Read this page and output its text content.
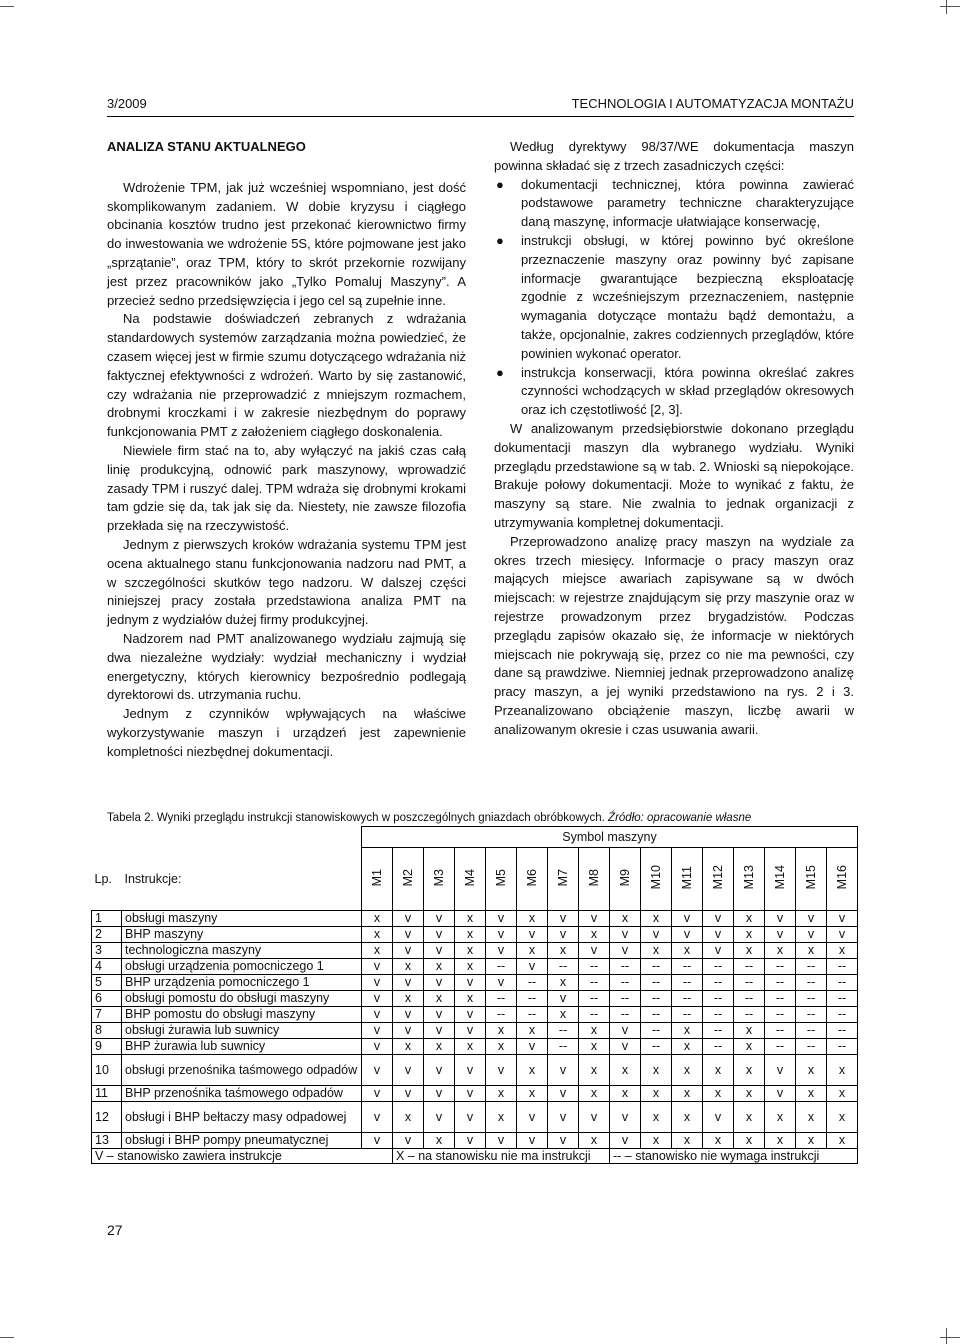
3/2009	TECHNOLOGIA I AUTOMATYZACJA MONTAŻU
ANALIZA STANU AKTUALNEGO

Wdrożenie TPM, jak już wcześniej wspomniano, jest dość skomplikowanym zadaniem. W dobie kryzysu i ciągłego obcinania kosztów trudno jest przekonać kierownictwo firmy do inwestowania we wdrożenie 5S, które pojmowane jest jako „sprzątanie”, oraz TPM, który to skrót przekornie rozwijany jest przez pracowników jako „Tylko Pomaluj Maszyny”. A przecież sedno przedsięwzięcia i jego cel są zupełnie inne.

Na podstawie doświadczeń zebranych z wdrażania standardowych systemów zarządzania można powiedzieć, że czasem więcej jest w firmie szumu dotyczącego wdrażania niż faktycznej efektywności z wdrożeń. Warto by się zastanowić, czy wdrażania nie przeprowadzić z mniejszym rozmachem, drobnymi kroczkami i w zakresie niezbędnym do poprawy funkcjonowania PMT z założeniem ciągłego doskonalenia.

Niewiele firm stać na to, aby wyłączyć na jakiś czas całą linię produkcyjną, odnowić park maszynowy, wprowadzić zasady TPM i ruszyć dalej. TPM wdraża się drobnymi krokami tam gdzie się da, tak jak się da. Niestety, nie zawsze filozofia przekłada się na rzeczywistość.

Jednym z pierwszych kroków wdrażania systemu TPM jest ocena aktualnego stanu funkcjonowania nadzoru nad PMT, a w szczególności skutków tego nadzoru. W dalszej części niniejszej pracy została przedstawiona analiza PMT na jednym z wydziałów dużej firmy produkcyjnej.

Nadzorem nad PMT analizowanego wydziału zajmują się dwa niezależne wydziały: wydział mechaniczny i wydział energetyczny, których kierownicy bezpośrednio podlegają dyrektorowi ds. utrzymania ruchu.

Jednym z czynników wpływających na właściwe wykorzystywanie maszyn i urządzeń jest zapewnienie kompletności niezbędnej dokumentacji.

Według dyrektywy 98/37/WE dokumentacja maszyn powinna składać się z trzech zasadniczych części:

● dokumentacji technicznej, która powinna zawierać podstawowe parametry techniczne charakteryzujące daną maszynę, informacje ułatwiające konserwację,
● instrukcji obsługi, w której powinno być określone przeznaczenie maszyny oraz powinny być zapisane informacje gwarantujące bezpieczną eksploatację zgodnie z wcześniejszym przeznaczeniem, następnie wymagania dotyczące montażu bądź demontażu, a także, opcjonalnie, zakres codziennych przeglądów, które powinien wykonać operator.
● instrukcja konserwacji, która powinna określać zakres czynności wchodzących w skład przeglądów okresowych oraz ich częstotliwość [2, 3].

W analizowanym przedsiębiorstwie dokonano przeglądu dokumentacji maszyn dla wybranego wydziału. Wyniki przeglądu przedstawione są w tab. 2. Wnioski są niepokojące. Brakuje połowy dokumentacji. Może to wynikać z faktu, że maszyny są stare. Nie zwalnia to jednak organizacji z utrzymywania kompletnej dokumentacji.

Przeprowadzono analizę pracy maszyn na wydziale za okres trzech miesięcy. Informacje o pracy maszyn oraz mających miejsce awariach zapisywane są w dwóch miejscach: w rejestrze znajdującym się przy maszynie oraz w rejestrze prowadzonym przez brygadzistów. Podczas przeglądu zapisów okazało się, że informacje w niektórych miejscach nie pokrywają się, przez co nie ma pewności, czy dane są prawdziwe. Niemniej jednak przeprowadzono analizę pracy maszyn, a jej wyniki przedstawiono na rys. 2 i 3. Przeanalizowano obciążenie maszyn, liczbę awarii w analizowanym okresie i czas usuwania awarii.

Tabela 2. Wyniki przeglądu instrukcji stanowiskowych w poszczególnych gniazdach obróbkowych. Źródło: opracowanie własne
		Symbol maszyny															
Lp.	Instrukcje:	M1	M2	M3	M4	M5	M6	M7	M8	M9	M10	M11	M12	M13	M14	M15	M16
1	obsługi maszyny	x	v	v	x	v	x	v	v	x	x	v	v	x	v	v	v
2	BHP maszyny	x	v	v	x	v	v	v	x	v	v	v	v	x	v	v	v
3	technologiczna maszyny	x	v	v	x	v	x	x	v	v	x	x	v	x	x	x	x
4	obsługi urządzenia pomocniczego 1	v	x	x	x	--	v	--	--	--	--	--	--	--	--	--	--
5	BHP urządzenia pomocniczego 1	v	v	v	v	v	--	x	--	--	--	--	--	--	--	--	--
6	obsługi pomostu do obsługi maszyny	v	x	x	x	--	--	v	--	--	--	--	--	--	--	--	--
7	BHP pomostu do obsługi maszyny	v	v	v	v	--	--	x	--	--	--	--	--	--	--	--	--
8	obsługi żurawia lub suwnicy	v	v	v	v	x	x	--	x	v	--	x	--	x	--	--	--
9	BHP żurawia lub suwnicy	v	x	x	x	x	v	--	x	v	--	x	--	x	--	--	--
10	obsługi przenośnika taśmowego odpadów	v	v	v	v	v	x	v	x	x	x	x	x	x	v	x	x
11	BHP przenośnika taśmowego odpadów	v	v	v	v	x	x	v	x	x	x	x	x	x	v	x	x
12	obsługi i BHP bełtaczy masy odpadowej	v	x	v	v	x	v	v	v	v	x	x	v	x	x	x	x
13	obsługi i BHP pompy pneumatycznej	v	v	x	v	v	v	v	x	v	x	x	x	x	x	x	x
V – stanowisko zawiera instrukcje			X – na stanowisku nie ma instrukcji							-- – stanowisko nie wymaga instrukcji							
27
